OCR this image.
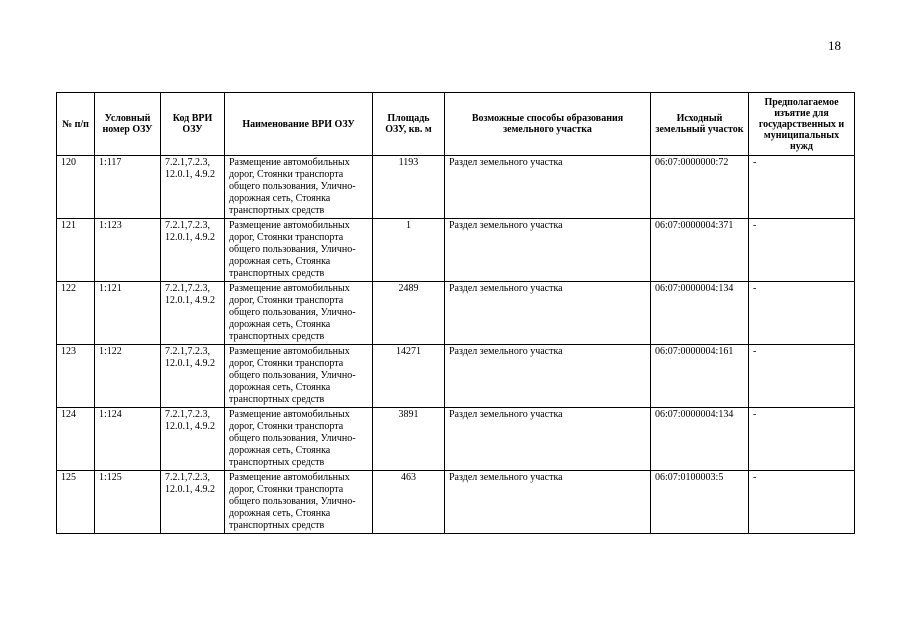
18
№ п/п	Условный номер ОЗУ	Код ВРИ ОЗУ	Наименование ВРИ ОЗУ	Площадь ОЗУ, кв. м	Возможные способы образования земельного участка	Исходный земельный участок	Предполагаемое изъятие для государственных и муниципальных нужд
120	1:117	7.2.1,7.2.3, 12.0.1, 4.9.2	Размещение автомобильных дорог, Стоянки транспорта общего пользования, Улично-дорожная сеть, Стоянка транспортных средств	1193	Раздел земельного участка	06:07:0000000:72	-
121	1:123	7.2.1,7.2.3, 12.0.1, 4.9.2	Размещение автомобильных дорог, Стоянки транспорта общего пользования, Улично-дорожная сеть, Стоянка транспортных средств	1	Раздел земельного участка	06:07:0000004:371	-
122	1:121	7.2.1,7.2.3, 12.0.1, 4.9.2	Размещение автомобильных дорог, Стоянки транспорта общего пользования, Улично-дорожная сеть, Стоянка транспортных средств	2489	Раздел земельного участка	06:07:0000004:134	-
123	1:122	7.2.1,7.2.3, 12.0.1, 4.9.2	Размещение автомобильных дорог, Стоянки транспорта общего пользования, Улично-дорожная сеть, Стоянка транспортных средств	14271	Раздел земельного участка	06:07:0000004:161	-
124	1:124	7.2.1,7.2.3, 12.0.1, 4.9.2	Размещение автомобильных дорог, Стоянки транспорта общего пользования, Улично-дорожная сеть, Стоянка транспортных средств	3891	Раздел земельного участка	06:07:0000004:134	-
125	1:125	7.2.1,7.2.3, 12.0.1, 4.9.2	Размещение автомобильных дорог, Стоянки транспорта общего пользования, Улично-дорожная сеть, Стоянка транспортных средств	463	Раздел земельного участка	06:07:0100003:5	-
